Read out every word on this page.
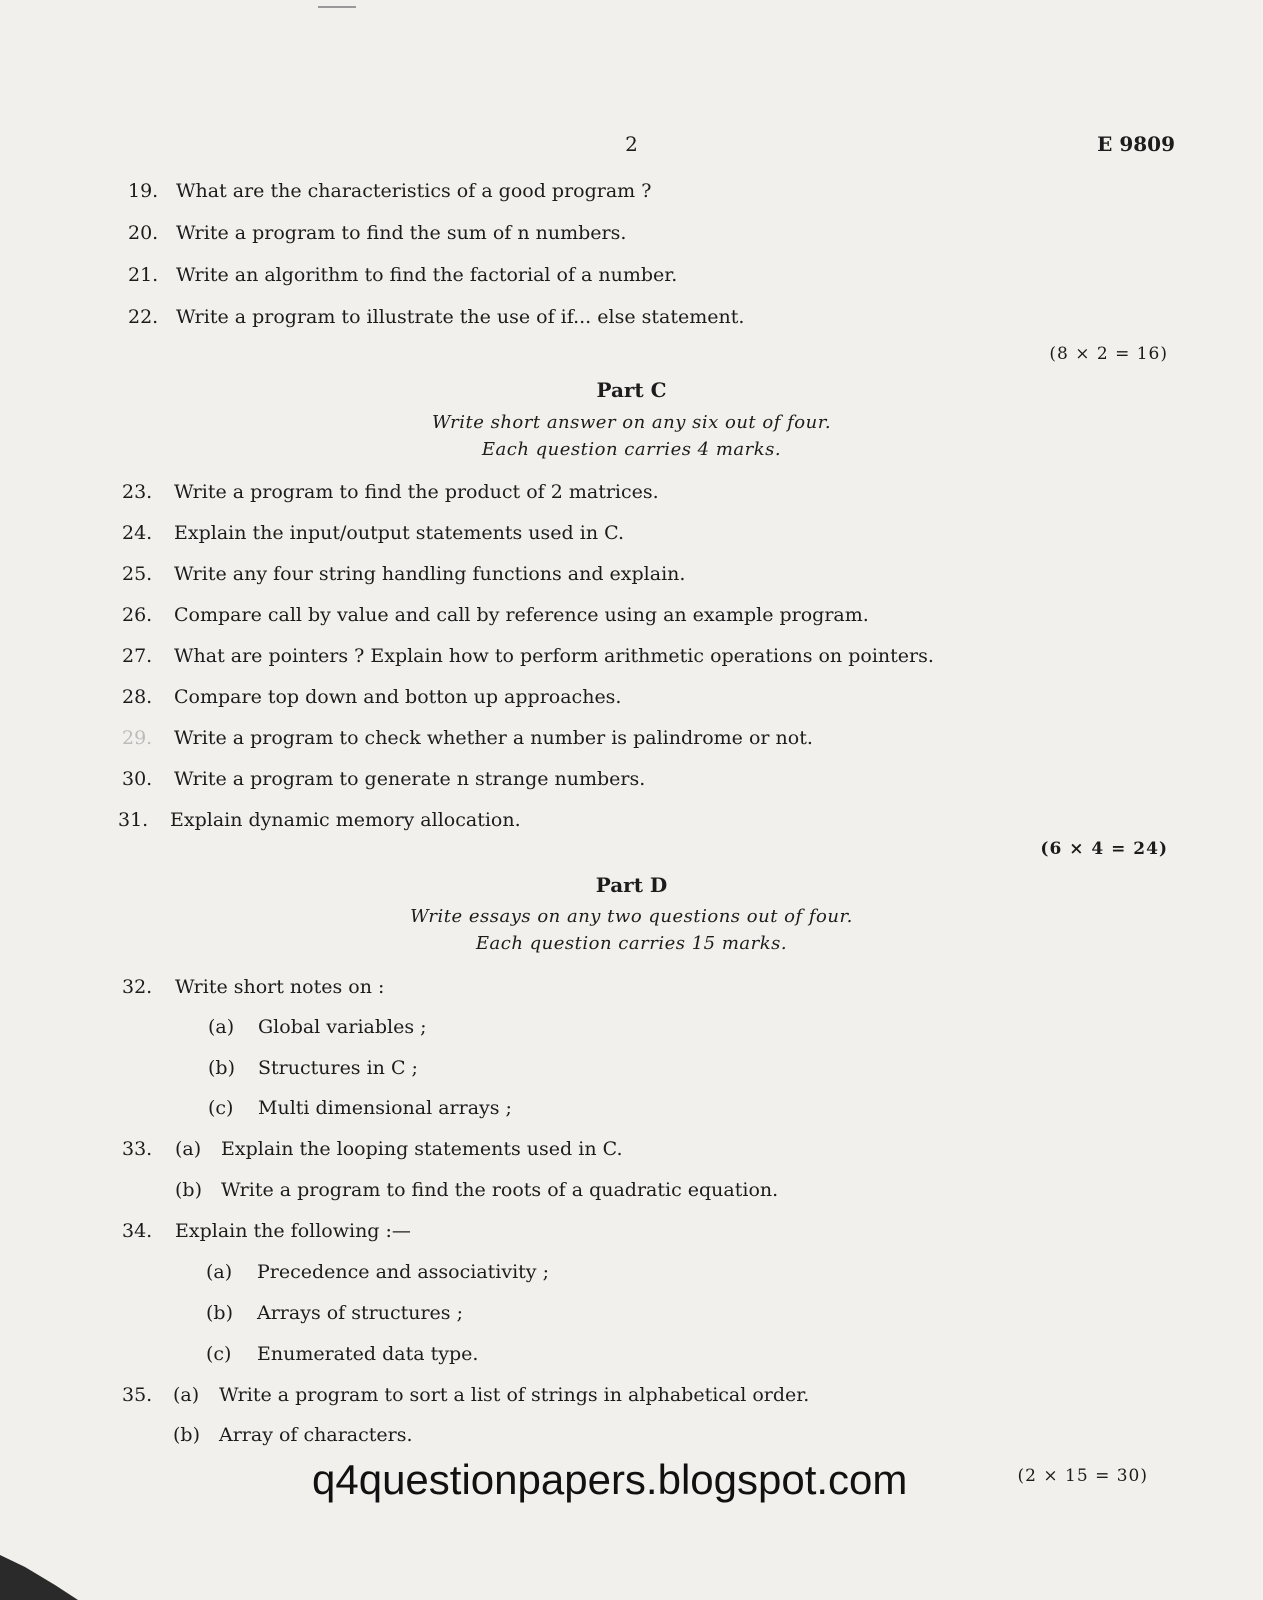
2	E 9809
19. What are the characteristics of a good program ?
20. Write a program to find the sum of n numbers.
21. Write an algorithm to find the factorial of a number.
22. Write a program to illustrate the use of if... else statement.
(8 × 2 = 16)
Part C
Write short answer on any six out of four.
Each question carries 4 marks.
23. Write a program to find the product of 2 matrices.
24. Explain the input/output statements used in C.
25. Write any four string handling functions and explain.
26. Compare call by value and call by reference using an example program.
27. What are pointers ? Explain how to perform arithmetic operations on pointers.
28. Compare top down and botton up approaches.
29. Write a program to check whether a number is palindrome or not.
30. Write a program to generate n strange numbers.
31. Explain dynamic memory allocation.
(6 × 4 = 24)
Part D
Write essays on any two questions out of four.
Each question carries 15 marks.
32. Write short notes on :
(a) Global variables ;
(b) Structures in C ;
(c) Multi dimensional arrays ;
33. (a) Explain the looping statements used in C.
(b) Write a program to find the roots of a quadratic equation.
34. Explain the following :—
(a) Precedence and associativity ;
(b) Arrays of structures ;
(c) Enumerated data type.
35. (a) Write a program to sort a list of strings in alphabetical order.
(b) Array of characters.
(2 × 15 = 30)
q4questionpapers.blogspot.com
